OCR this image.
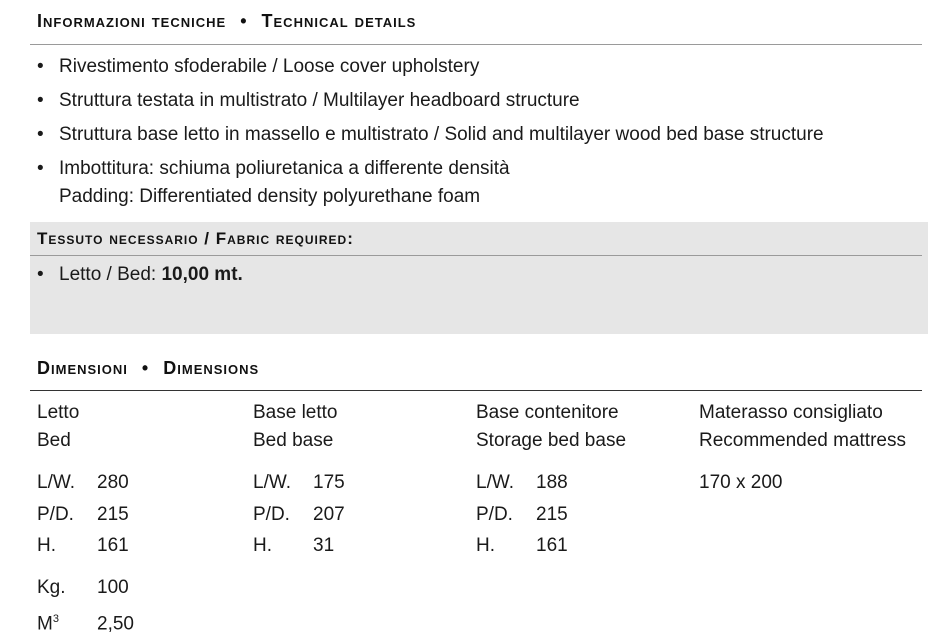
Informazioni tecniche • Technical details
• Rivestimento sfoderabile / Loose cover upholstery
• Struttura testata in multistrato / Multilayer headboard structure
• Struttura base letto in massello e multistrato / Solid and multilayer wood bed base structure
• Imbottitura: schiuma poliuretanica a differente densità
Padding: Differentiated density polyurethane foam
Tessuto necessario / Fabric required:
• Letto / Bed: 10,00 mt.
Dimensioni • Dimensions
Letto
Bed
L/W. 280
P/D. 215
H. 161
Kg. 100
$M^3$ 2,50
Base letto
Bed base
L/W. 175
P/D. 207
H. 31
Base contenitore
Storage bed base
L/W. 188
P/D. 215
H. 161
Materasso consigliato
Recommended mattress
170 x 200
